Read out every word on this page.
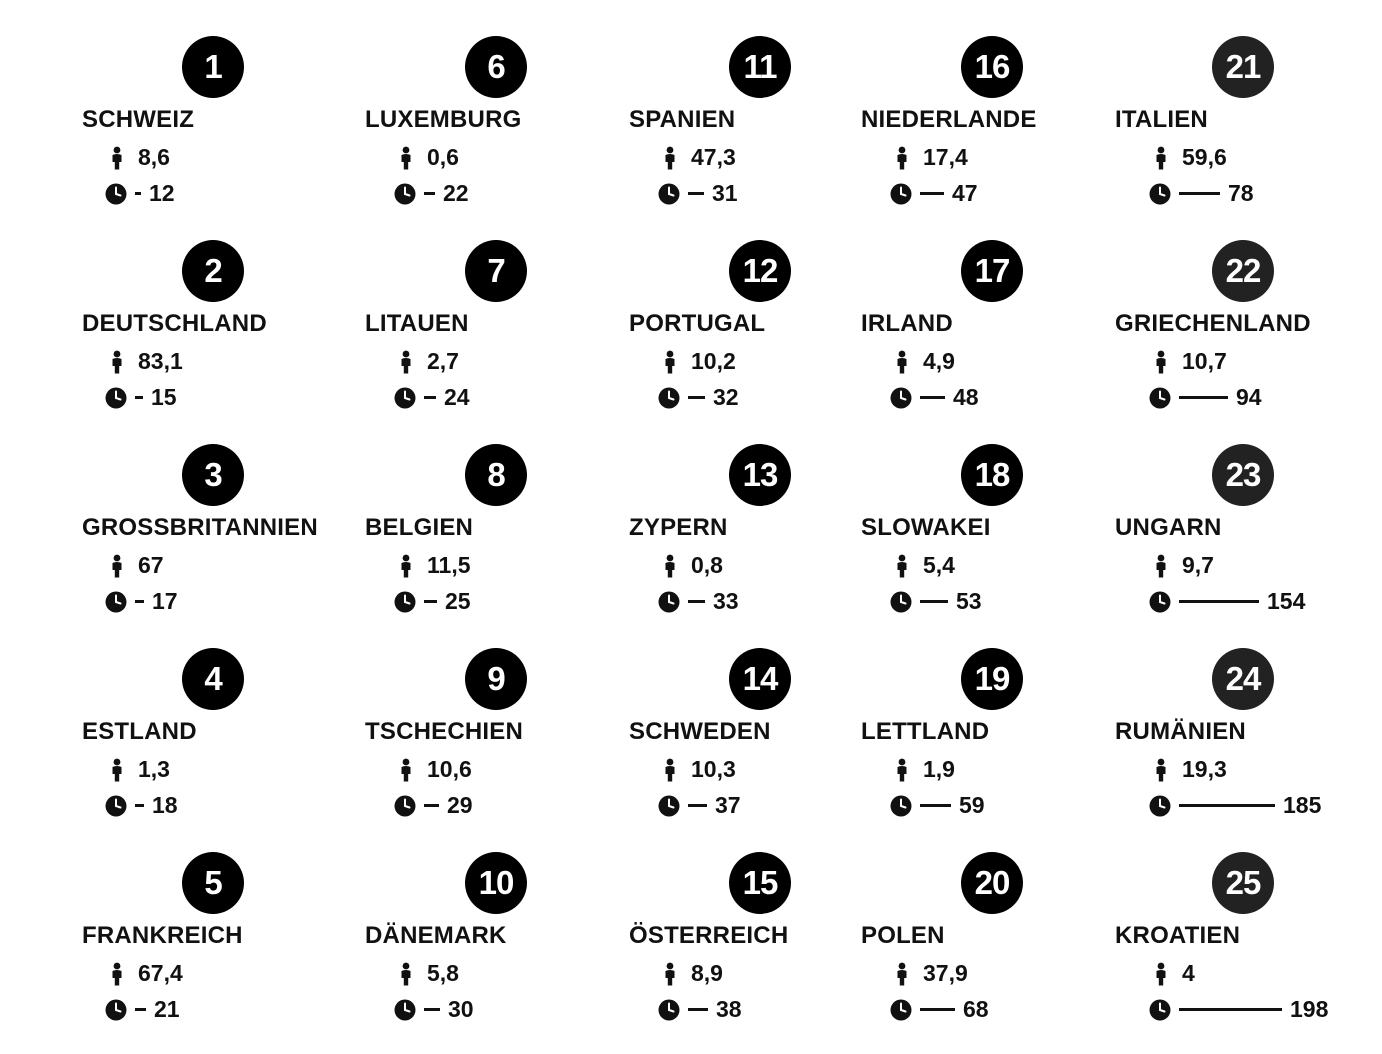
1
SCHWEIZ
8,6
12
2
DEUTSCHLAND
83,1
15
3
GROSSBRITANNIEN
67
17
4
ESTLAND
1,3
18
5
FRANKREICH
67,4
21
6
LUXEMBURG
0,6
22
7
LITAUEN
2,7
24
8
BELGIEN
11,5
25
9
TSCHECHIEN
10,6
29
10
DÄNEMARK
5,8
30
11
SPANIEN
47,3
31
12
PORTUGAL
10,2
32
13
ZYPERN
0,8
33
14
SCHWEDEN
10,3
37
15
ÖSTERREICH
8,9
38
16
NIEDERLANDE
17,4
47
17
IRLAND
4,9
48
18
SLOWAKEI
5,4
53
19
LETTLAND
1,9
59
20
POLEN
37,9
68
21
ITALIEN
59,6
78
22
GRIECHENLAND
10,7
94
23
UNGARN
9,7
154
24
RUMÄNIEN
19,3
185
25
KROATIEN
4
198
